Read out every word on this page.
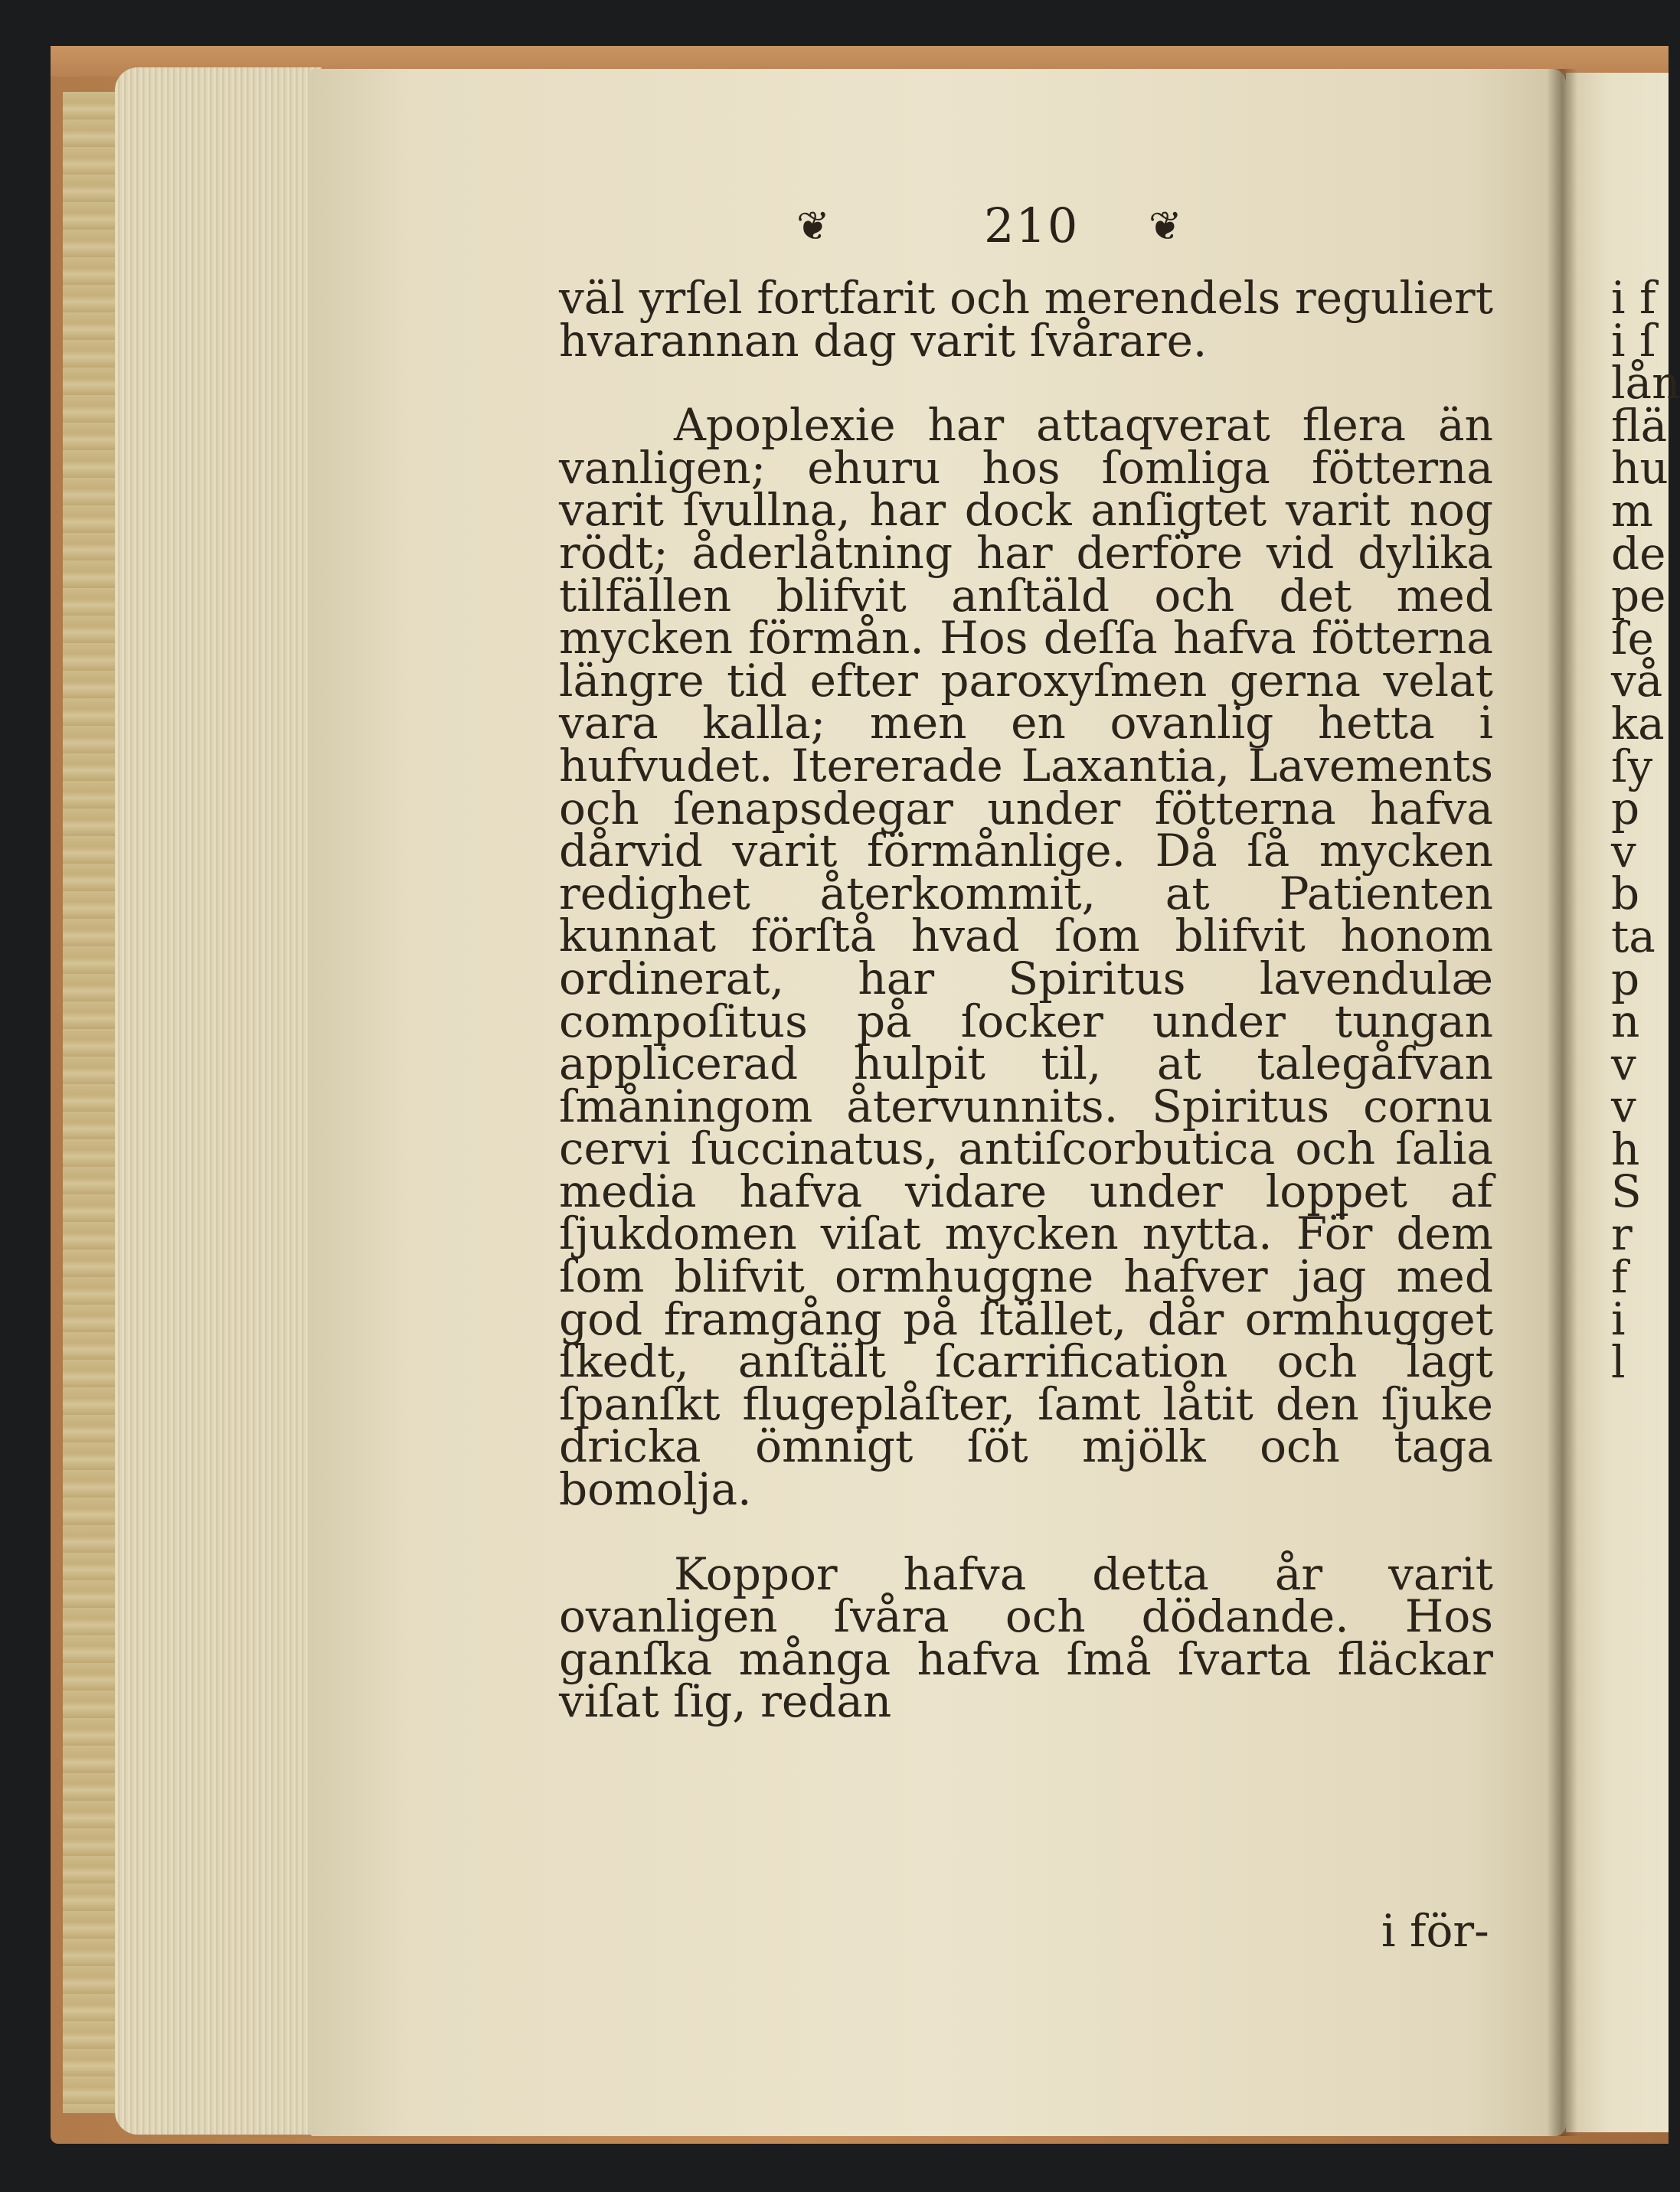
❦	210 ❦

väl yrſel fortfarit och merendels reguliert hvarannan dag varit ſvårare.

Apoplexie har attaqverat flera än vanligen; ehuru hos ſomliga fötterna varit ſvullna, har dock anſigtet varit nog rödt; åderlåtning har derföre vid dylika tilfällen blifvit anſtäld och det med mycken förmån. Hos deſſa hafva fötterna längre tid efter paroxyſmen gerna velat vara kalla; men en ovanlig hetta i hufvudet. Itererade Laxantia, Lavements och ſenapsdegar under fötterna hafva dårvid varit förmånlige. Då ſå mycken redighet återkommit, at Patienten kunnat förſtå hvad ſom blifvit honom ordinerat, har Spiritus lavendulæ compoſitus på ſocker under tungan applicerad hulpit til, at talegåfvan ſmåningom återvunnits. Spiritus cornu cervi ſuccinatus, antiſcorbutica och ſalia media hafva vidare under loppet af ſjukdomen viſat mycken nytta. För dem ſom blifvit ormhuggne hafver jag med god framgång på ſtället, dår ormhugget ſkedt, anſtält ſcarrification och lagt ſpanſkt flugeplåſter, ſamt låtit den ſjuke dricka ömnigt ſöt mjölk och taga bomolja.

Koppor hafva detta år varit ovanligen ſvåra och dödande. Hos ganſka många hafva ſmå ſvarta fläckar viſat ſig, redan

i för-
i f
i ſ
lån
flä
hu
m
de
pe
ſe
vå
ka
ſy
p
v
b
ta
p
n
v
v
h
S
r
f
i
l
